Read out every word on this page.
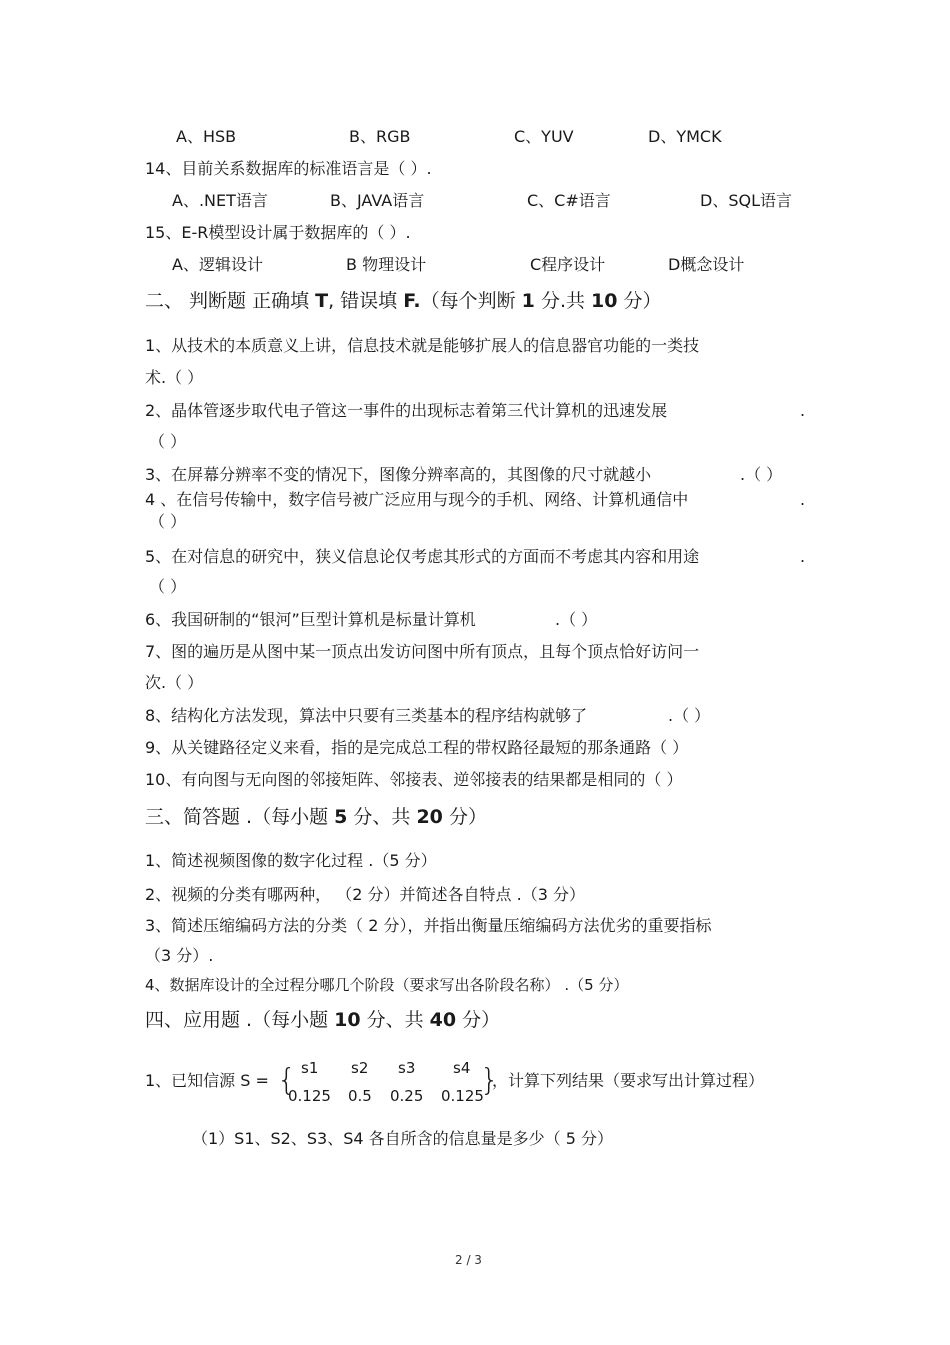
A、HSB	B、RGB	C、YUV	D、YMCK
14、目前关系数据库的标准语言是（ ）.
A、.NET语言	B、JAVA语言	C、C#语言	D、SQL语言
15、E-R模型设计属于数据库的（ ）.
A、逻辑设计	B 物理设计	C程序设计	D概念设计
二、 判断题 正确填 T, 错误填 F.（每个判断 1 分.共 10 分）
1、从技术的本质意义上讲，信息技术就是能够扩展人的信息器官功能的一类技
术.（ ）
2、晶体管逐步取代电子管这一事件的出现标志着第三代计算机的迅速发展	.
（ ）
3、在屏幕分辨率不变的情况下，图像分辨率高的，其图像的尺寸就越小	.（ ）
4 、在信号传输中，数字信号被广泛应用与现今的手机、网络、计算机通信中	.
（ ）
5、在对信息的研究中，狭义信息论仅考虑其形式的方面而不考虑其内容和用途	.
（ ）
6、我国研制的“银河”巨型计算机是标量计算机	.（ ）
7、图的遍历是从图中某一顶点出发访问图中所有顶点，且每个顶点恰好访问一
次.（ ）
8、结构化方法发现，算法中只要有三类基本的程序结构就够了	.（ ）
9、从关键路径定义来看，指的是完成总工程的带权路径最短的那条通路（ ）
10、有向图与无向图的邻接矩阵、邻接表、逆邻接表的结果都是相同的（ ）
三、简答题 .（每小题 5 分、共 20 分）
1、简述视频图像的数字化过程 .（5 分）
2、视频的分类有哪两种， （2 分）并简述各自特点 .（3 分）
3、简述压缩编码方法的分类（ 2 分），并指出衡量压缩编码方法优劣的重要指标
（3 分）.
4、数据库设计的全过程分哪几个阶段（要求写出各阶段名称） .（5 分）
四、应用题 .（每小题 10 分、共 40 分）
1、已知信源 S = { s1 s2 s3	s4
0.125 0.5 0.25 0.125
}
，计算下列结果（要求写出计算过程）
（1）S1、S2、S3、S4 各自所含的信息量是多少（ 5 分）
2 / 3
